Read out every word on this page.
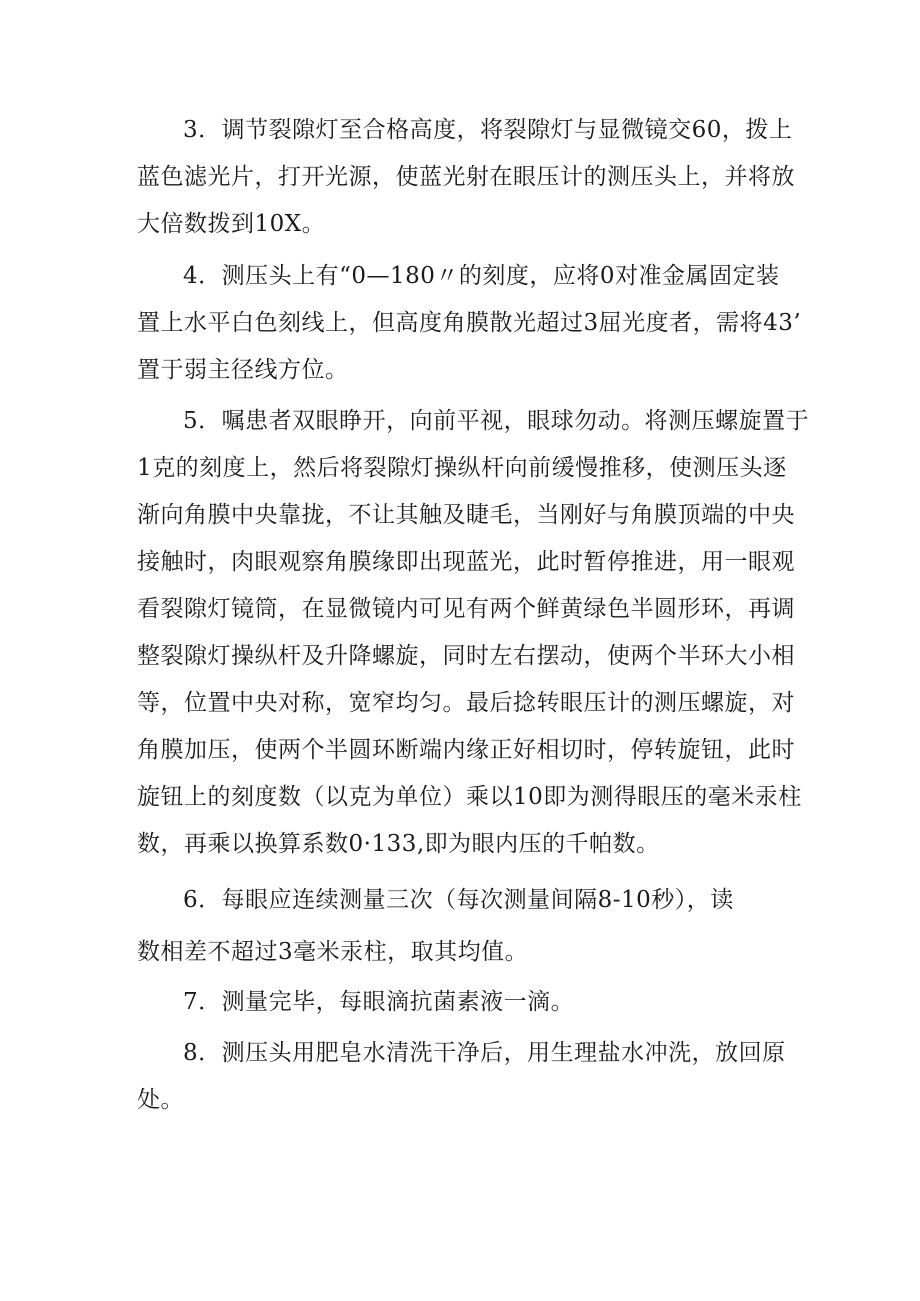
3．调节裂隙灯至合格高度，将裂隙灯与显微镜交60，拨上
蓝色滤光片，打开光源，使蓝光射在眼压计的测压头上，并将放
大倍数拨到10X。
4．测压头上有“0—180〃的刻度，应将0对准金属固定装
置上水平白色刻线上，但高度角膜散光超过3屈光度者，需将43’
置于弱主径线方位。
5．嘱患者双眼睁开，向前平视，眼球勿动。将测压螺旋置于
1克的刻度上，然后将裂隙灯操纵杆向前缓慢推移，使测压头逐
渐向角膜中央靠拢，不让其触及睫毛，当刚好与角膜顶端的中央
接触时，肉眼观察角膜缘即出现蓝光，此时暂停推进，用一眼观
看裂隙灯镜筒，在显微镜内可见有两个鲜黄绿色半圆形环，再调
整裂隙灯操纵杆及升降螺旋，同时左右摆动，使两个半环大小相
等，位置中央对称，宽窄均匀。最后捻转眼压计的测压螺旋，对
角膜加压，使两个半圆环断端内缘正好相切时，停转旋钮，此时
旋钮上的刻度数（以克为单位）乘以10即为测得眼压的毫米汞柱
数，再乘以换算系数0·133,即为眼内压的千帕数。
6．每眼应连续测量三次（每次测量间隔8-10秒），读
数相差不超过3毫米汞柱，取其均值。
7．测量完毕，每眼滴抗菌素液一滴。
8．测压头用肥皂水清洗干净后，用生理盐水冲洗，放回原
处。
